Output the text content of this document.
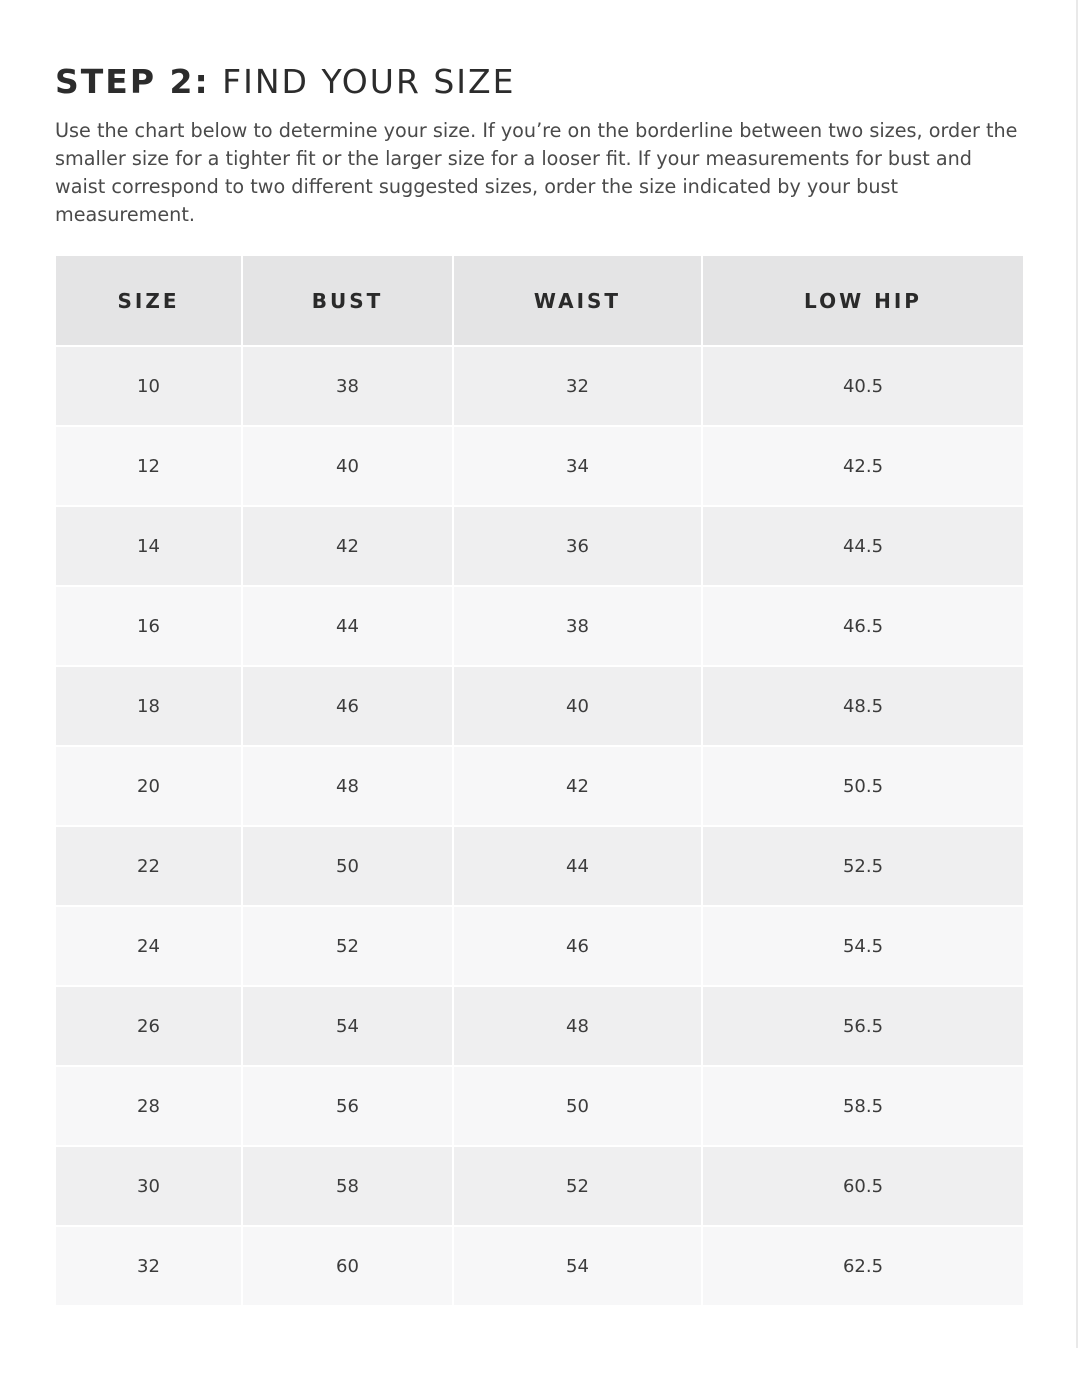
STEP 2: FIND YOUR SIZE

Use the chart below to determine your size. If you’re on the borderline between two sizes, order the smaller size for a tighter fit or the larger size for a looser fit. If your measurements for bust and waist correspond to two different suggested sizes, order the size indicated by your bust measurement.

SIZE	BUST	WAIST	LOW HIP
10	38	32	40.5
12	40	34	42.5
14	42	36	44.5
16	44	38	46.5
18	46	40	48.5
20	48	42	50.5
22	50	44	52.5
24	52	46	54.5
26	54	48	56.5
28	56	50	58.5
30	58	52	60.5
32	60	54	62.5
